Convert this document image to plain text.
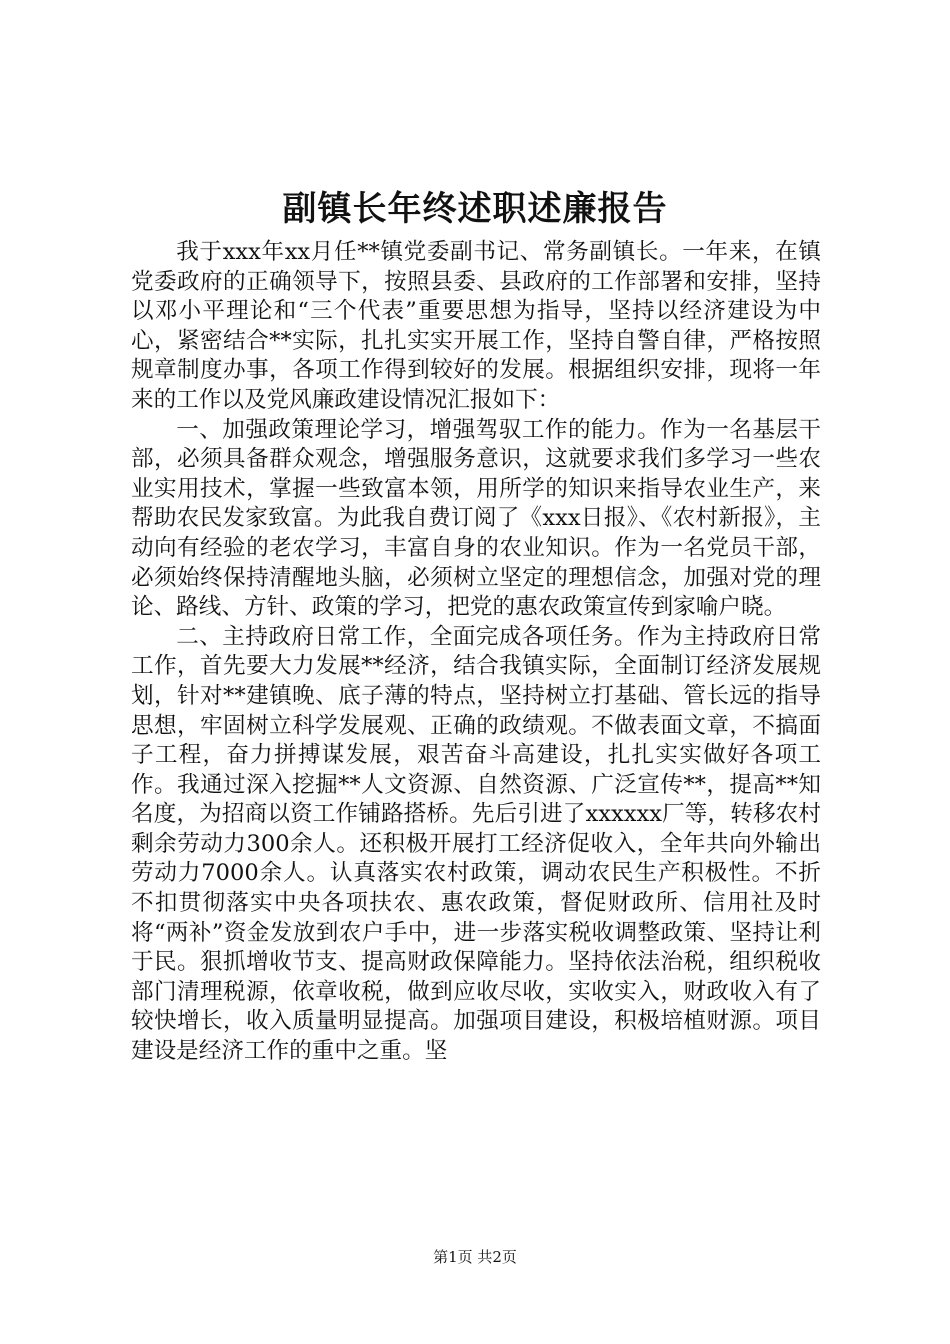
副镇长年终述职述廉报告

我于xxx年xx月任**镇党委副书记、常务副镇长。一年来，在镇党委政府的正确领导下，按照县委、县政府的工作部署和安排，坚持以邓小平理论和“三个代表”重要思想为指导，坚持以经济建设为中心，紧密结合**实际，扎扎实实开展工作，坚持自警自律，严格按照规章制度办事，各项工作得到较好的发展。根据组织安排，现将一年来的工作以及党风廉政建设情况汇报如下：

一、加强政策理论学习，增强驾驭工作的能力。作为一名基层干部，必须具备群众观念，增强服务意识，这就要求我们多学习一些农业实用技术，掌握一些致富本领，用所学的知识来指导农业生产，来帮助农民发家致富。为此我自费订阅了《xxx日报》、《农村新报》，主动向有经验的老农学习，丰富自身的农业知识。作为一名党员干部，必须始终保持清醒地头脑，必须树立坚定的理想信念，加强对党的理论、路线、方针、政策的学习，把党的惠农政策宣传到家喻户晓。

二、主持政府日常工作，全面完成各项任务。作为主持政府日常工作，首先要大力发展**经济，结合我镇实际，全面制订经济发展规划，针对**建镇晚、底子薄的特点，坚持树立打基础、管长远的指导思想，牢固树立科学发展观、正确的政绩观。不做表面文章，不搞面子工程，奋力拼搏谋发展，艰苦奋斗高建设，扎扎实实做好各项工作。我通过深入挖掘**人文资源、自然资源、广泛宣传**，提高**知名度，为招商以资工作铺路搭桥。先后引进了xxxxxx厂等，转移农村剩余劳动力300余人。还积极开展打工经济促收入，全年共向外输出劳动力7000余人。认真落实农村政策，调动农民生产积极性。不折不扣贯彻落实中央各项扶农、惠农政策，督促财政所、信用社及时将“两补”资金发放到农户手中，进一步落实税收调整政策、坚持让利于民。狠抓增收节支、提高财政保障能力。坚持依法治税，组织税收部门清理税源，依章收税，做到应收尽收，实收实入，财政收入有了较快增长，收入质量明显提高。加强项目建设，积极培植财源。项目建设是经济工作的重中之重。坚

第1页 共2页
